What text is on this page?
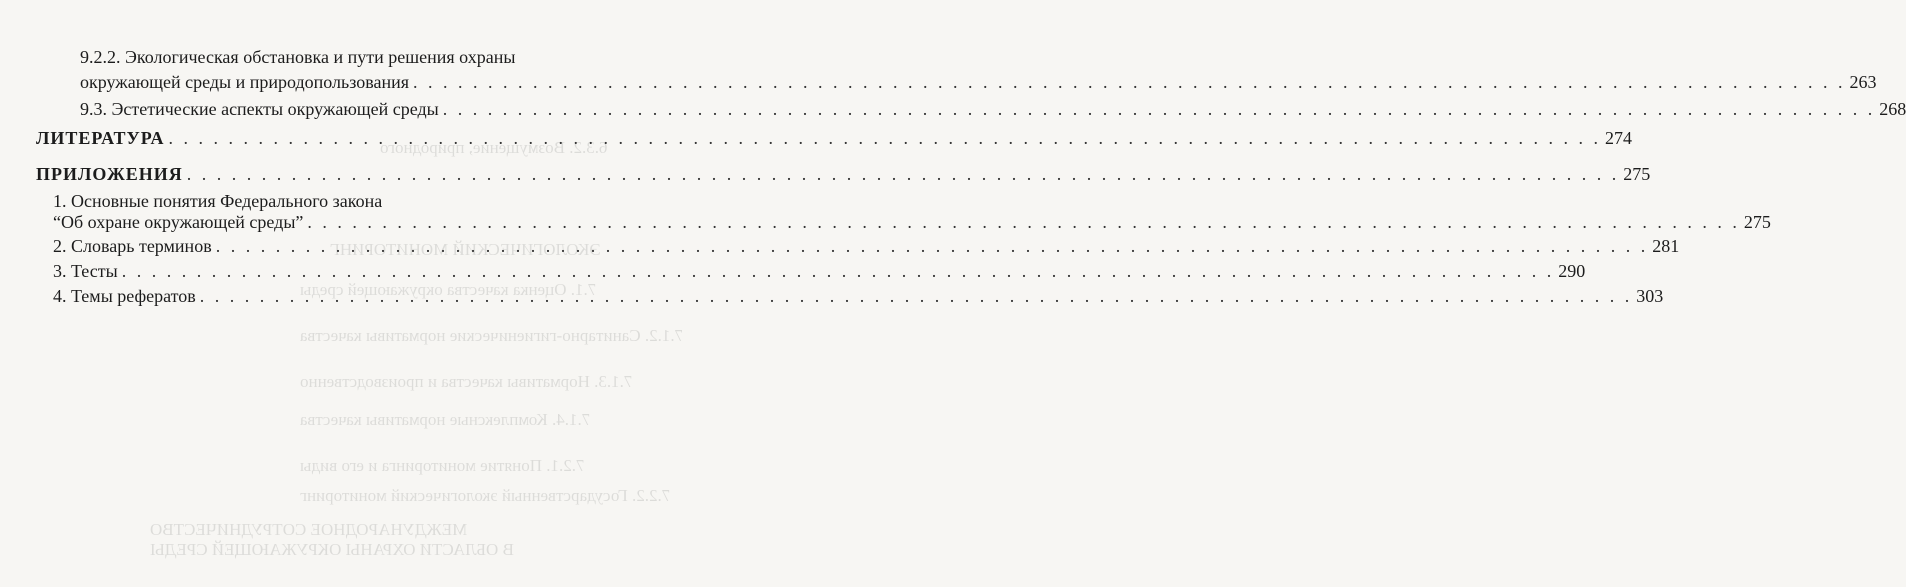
6.3.2. Возмущение, природного
ЭКОЛОГИЧЕСКИЙ МОНИТОРИНГ
7.1. Оценка качества окружающей среды
7.1.2. Санитарно-гигиенические нормативы качества
7.1.3. Нормативы качества и производственно
7.1.4. Комплексные нормативы качества
7.2.1. Понятие мониторинга и его виды
7.2.2. Государственный экологический мониторинг
МЕЖДУНАРОДНОЕ СОТРУДНИЧЕСТВО
В ОБЛАСТИ ОХРАНЫ ОКРУЖАЮЩЕЙ СРЕДЫ
9.2.2. Экологическая обстановка и пути решения охраны
окружающей среды и природопользования . . .	263
9.3. Эстетические аспекты окружающей среды . . .	268
ЛИТЕРАТУРА . . .	274
ПРИЛОЖЕНИЯ . . .	275
1. Основные понятия Федерального закона
“Об охране окружающей среды” . . .	275
2. Словарь терминов . . .	281
3. Тесты . . .	290
4. Темы рефератов . . .	303
